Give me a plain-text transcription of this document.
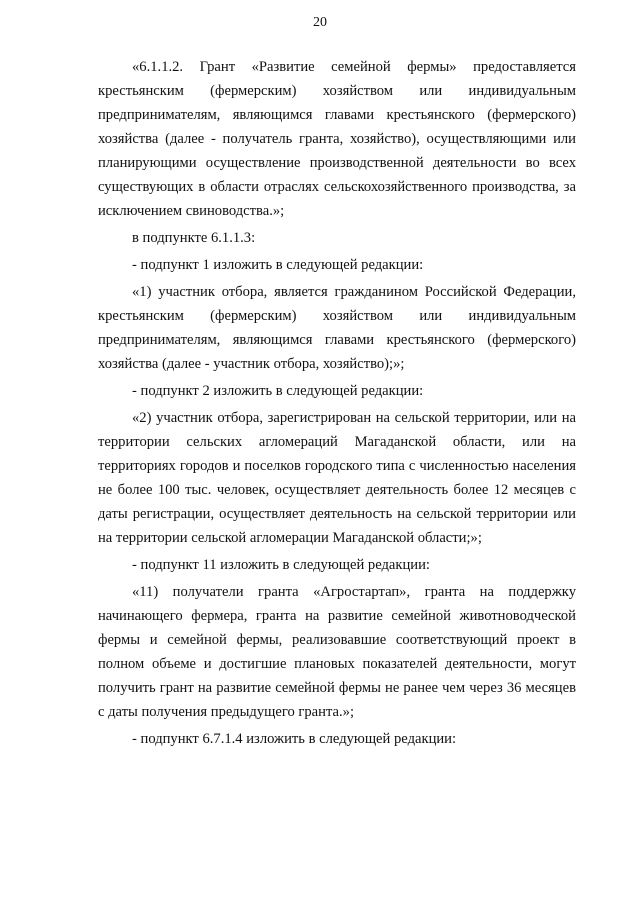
20

«6.1.1.2. Грант «Развитие семейной фермы» предоставляется крестьянским (фермерским) хозяйством или индивидуальным предпринимателям, являющимся главами крестьянского (фермерского) хозяйства (далее - получатель гранта, хозяйство), осуществляющими или планирующими осуществление производственной деятельности во всех существующих в области отраслях сельскохозяйственного производства, за исключением свиноводства.»;

в подпункте 6.1.1.3:

- подпункт 1 изложить в следующей редакции:

«1) участник отбора, является гражданином Российской Федерации, крестьянским (фермерским) хозяйством или индивидуальным предпринимателям, являющимся главами крестьянского (фермерского) хозяйства (далее - участник отбора, хозяйство);»;

- подпункт 2 изложить в следующей редакции:

«2) участник отбора, зарегистрирован на сельской территории, или на территории сельских агломераций Магаданской области, или на территориях городов и поселков городского типа с численностью населения не более 100 тыс. человек, осуществляет деятельность более 12 месяцев с даты регистрации, осуществляет деятельность на сельской территории или на территории сельской агломерации Магаданской области;»;

- подпункт 11 изложить в следующей редакции:

«11) получатели гранта «Агростартап», гранта на поддержку начинающего фермера, гранта на развитие семейной животноводческой фермы и семейной фермы, реализовавшие соответствующий проект в полном объеме и достигшие плановых показателей деятельности, могут получить грант на развитие семейной фермы не ранее чем через 36 месяцев с даты получения предыдущего гранта.»;

- подпункт 6.7.1.4 изложить в следующей редакции:
